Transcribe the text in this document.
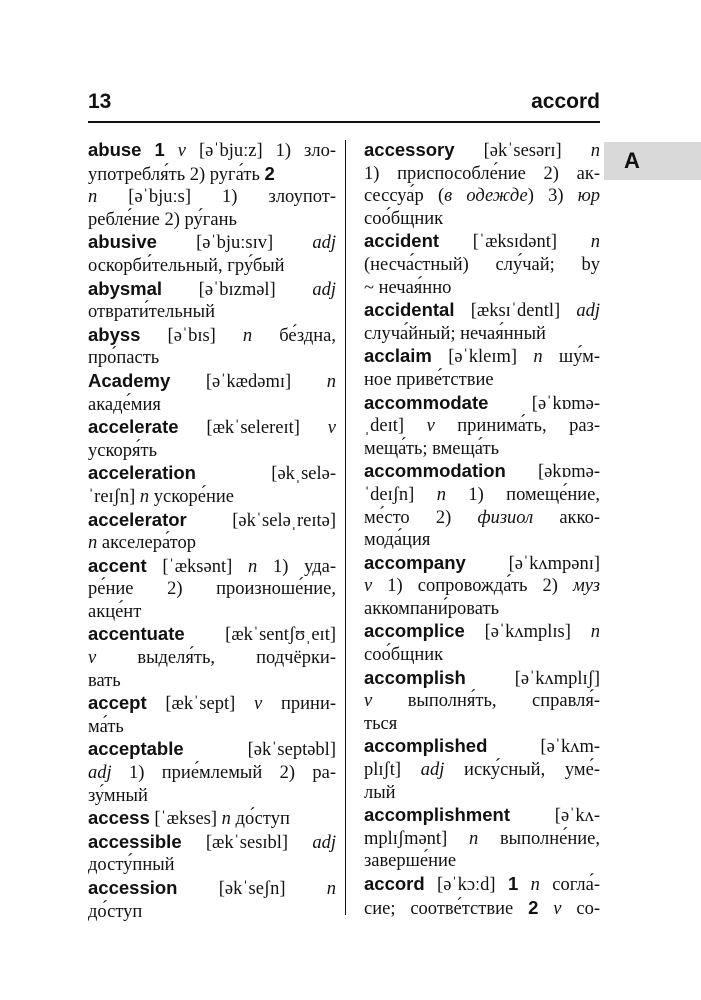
13	accord
A
abuse 1 v [əˈbjuːz] 1) зло-
употребля́ть 2) руга́ть 2
n [əˈbjuːs] 1) злоупот-
ребле́ние 2) ру́гань
abusive [əˈbjuːsɪv] adj
оскорби́тельный, гру́бый
abysmal [əˈbɪzməl] adj
отврати́тельный
abyss [əˈbɪs] n бе́здна,
про́пасть
Academy [əˈkædəmɪ] n
акаде́мия
accelerate [ækˈselereɪt] v
ускоря́ть
acceleration [əkˌselə-
ˈreɪʃn] n ускоре́ние
accelerator [əkˈseləˌreɪtə]
n акселера́тор
accent [ˈæksənt] n 1) уда-
ре́ние 2) произноше́ние,
акце́нт
accentuate [ækˈsentʃʊˌeɪt]
v выделя́ть, подчёрки-
вать
accept [ækˈsept] v прини-
ма́ть
acceptable [əkˈseptəbl]
adj 1) прие́млемый 2) ра-
зу́мный
access [ˈækses] n до́ступ
accessible [ækˈsesɪbl] adj
досту́пный
accession [əkˈseʃn] n
до́ступ
accessory [əkˈsesərɪ] n
1) приспособле́ние 2) ак-
сессуа́р (в одежде) 3) юр
соо́бщник
accident [ˈæksɪdənt] n
(несча́стный) слу́чай; by
~ нечая́нно
accidental [æksɪˈdentl] adj
случа́йный; нечая́нный
acclaim [əˈkleɪm] n шу́м-
ное приве́тствие
accommodate [əˈkɒmə-
ˌdeɪt] v принима́ть, раз-
меща́ть; вмеща́ть
accommodation [əkɒmə-
ˈdeɪʃn] n 1) помеще́ние,
ме́сто 2) физиол акко-
мода́ция
accompany [əˈkʌmpənɪ]
v 1) сопровожда́ть 2) муз
аккомпани́ровать
accomplice [əˈkʌmplɪs] n
соо́бщник
accomplish [əˈkʌmplɪʃ]
v выполня́ть, справля́-
ться
accomplished [əˈkʌm-
plɪʃt] adj иску́сный, уме́-
лый
accomplishment [əˈkʌ-
mplɪʃmənt] n выполне́ние,
заверше́ние
accord [əˈkɔːd] 1 n согла́-
сие; соотве́тствие 2 v со-
